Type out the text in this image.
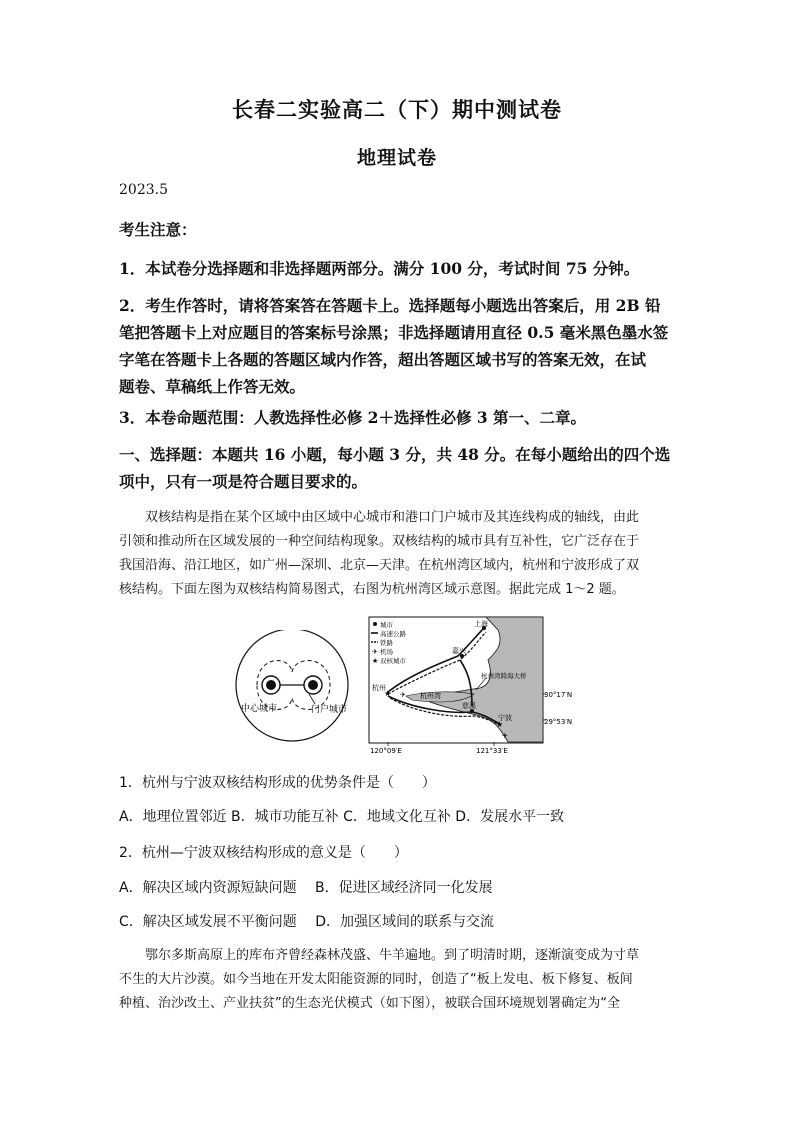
长春二实验高二（下）期中测试卷
地理试卷
2023.5
考生注意：
1．本试卷分选择题和非选择题两部分。满分 100 分，考试时间 75 分钟。
2．考生作答时，请将答案答在答题卡上。选择题每小题选出答案后，用 2B 铅
笔把答题卡上对应题目的答案标号涂黑；非选择题请用直径 0.5 毫米黑色墨水签
字笔在答题卡上各题的答题区域内作答，超出答题区域书写的答案无效，在试
题卷、草稿纸上作答无效。
3．本卷命题范围：人教选择性必修 2＋选择性必修 3 第一、二章。
一、选择题：本题共 16 小题，每小题 3 分，共 48 分。在每小题给出的四个选
项中，只有一项是符合题目要求的。
双核结构是指在某个区域中由区域中心城市和港口门户城市及其连线构成的轴线，由此
引领和推动所在区域发展的一种空间结构现象。双核结构的城市具有互补性，它广泛存在于
我国沿海、沿江地区，如广州—深圳、北京—天津。在杭州湾区域内，杭州和宁波形成了双
核结构。下面左图为双核结构简易图式，右图为杭州湾区域示意图。据此完成 1～2 题。
中心城市	门户城市
城市
高速公路
铁路
✈ 机场
★ 双核城市
上海
嘉兴
★
杭州
✈ 杭州湾
杭州湾跨海大桥
慈溪
★
宁波
✈
30°17′N
29°53′N
120°09′E	121°33′E
1．杭州与宁波双核结构形成的优势条件是（　　）
A．地理位置邻近 B．城市功能互补 C．地域文化互补 D．发展水平一致
2．杭州—宁波双核结构形成的意义是（　　）
A．解决区域内资源短缺问题　 B．促进区域经济同一化发展
C．解决区域发展不平衡问题　 D．加强区域间的联系与交流
鄂尔多斯高原上的库布齐曾经森林茂盛、牛羊遍地。到了明清时期，逐渐演变成为寸草
不生的大片沙漠。如今当地在开发太阳能资源的同时，创造了“板上发电、板下修复、板间
种植、治沙改土、产业扶贫”的生态光伏模式（如下图），被联合国环境规划署确定为“全
